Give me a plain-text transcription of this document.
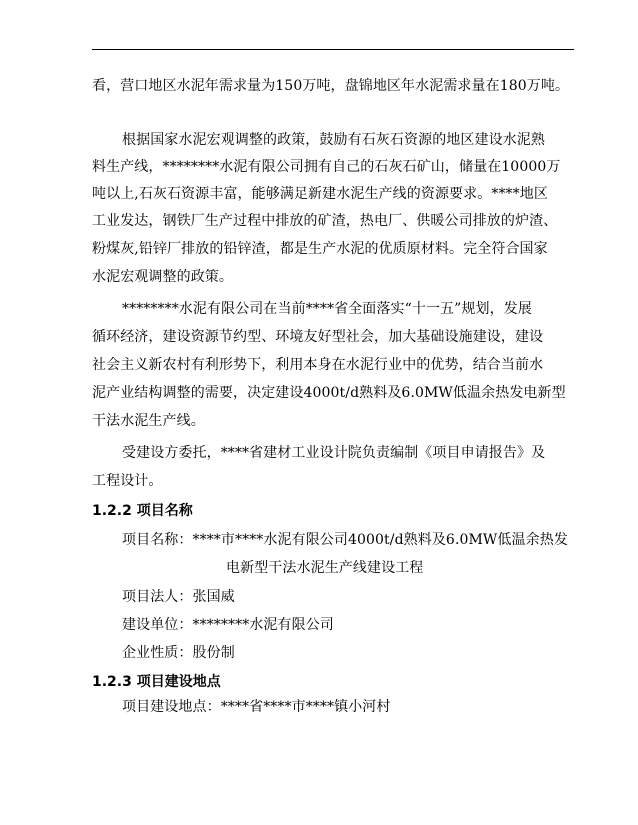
看，营口地区水泥年需求量为150万吨，盘锦地区年水泥需求量在180万吨。
根据国家水泥宏观调整的政策，鼓励有石灰石资源的地区建设水泥熟
料生产线，********水泥有限公司拥有自己的石灰石矿山，储量在10000万
吨以上,石灰石资源丰富，能够满足新建水泥生产线的资源要求。****地区
工业发达，钢铁厂生产过程中排放的矿渣，热电厂、供暖公司排放的炉渣、
粉煤灰,铅锌厂排放的铅锌渣，都是生产水泥的优质原材料。完全符合国家
水泥宏观调整的政策。
********水泥有限公司在当前****省全面落实“十一五”规划，发展
循环经济，建设资源节约型、环境友好型社会，加大基础设施建设，建设
社会主义新农村有利形势下，利用本身在水泥行业中的优势，结合当前水
泥产业结构调整的需要，决定建设4000t/d熟料及6.0MW低温余热发电新型
干法水泥生产线。
受建设方委托，****省建材工业设计院负责编制《项目申请报告》及
工程设计。
1.2.2 项目名称
项目名称：****市****水泥有限公司4000t/d熟料及6.0MW低温余热发
电新型干法水泥生产线建设工程
项目法人：张国威
建设单位：********水泥有限公司
企业性质：股份制
1.2.3 项目建设地点
项目建设地点：****省****市****镇小河村
